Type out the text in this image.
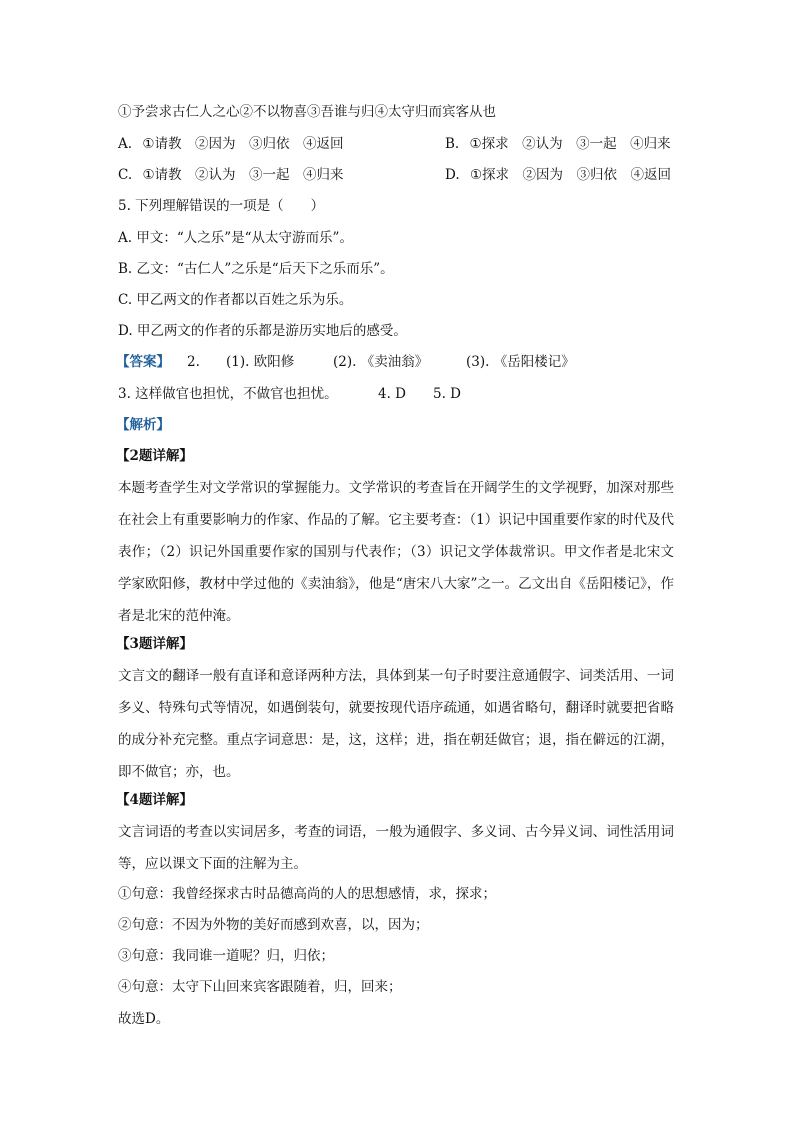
①予尝求古仁人之心②不以物喜③吾谁与归④太守归而宾客从也
A. ①请教　②因为　③归依　④返回	B. ①探求　②认为　③一起　④归来
C. ①请教　②认为　③一起　④归来	D. ①探求　②因为　③归依　④返回
5. 下列理解错误的一项是（　　）
A. 甲文：“人之乐”是“从太守游而乐”。
B. 乙文：“古仁人”之乐是“后天下之乐而乐”。
C. 甲乙两文的作者都以百姓之乐为乐。
D. 甲乙两文的作者的乐都是游历实地后的感受。
【答案】 2. (1). 欧阳修	(2). 《卖油翁》	(3). 《岳阳楼记》
3. 这样做官也担忧，不做官也担忧。	4. D 5. D
【解析】
【2题详解】
本题考查学生对文学常识的掌握能力。文学常识的考查旨在开阔学生的文学视野，加深对那些在社会上有重要影响力的作家、作品的了解。它主要考查：（1）识记中国重要作家的时代及代表作；（2）识记外国重要作家的国别与代表作；（3）识记文学体裁常识。甲文作者是北宋文学家欧阳修，教材中学过他的《卖油翁》，他是“唐宋八大家”之一。乙文出自《岳阳楼记》，作者是北宋的范仲淹。
【3题详解】
文言文的翻译一般有直译和意译两种方法，具体到某一句子时要注意通假字、词类活用、一词多义、特殊句式等情况，如遇倒装句，就要按现代语序疏通，如遇省略句，翻译时就要把省略的成分补充完整。重点字词意思：是，这，这样；进，指在朝廷做官；退，指在僻远的江湖，即不做官；亦，也。
【4题详解】
文言词语的考查以实词居多，考查的词语，一般为通假字、多义词、古今异义词、词性活用词等，应以课文下面的注解为主。
①句意：我曾经探求古时品德高尚的人的思想感情，求，探求；
②句意：不因为外物的美好而感到欢喜，以，因为；
③句意：我同谁一道呢？归，归依；
④句意：太守下山回来宾客跟随着，归，回来；
故选D。
